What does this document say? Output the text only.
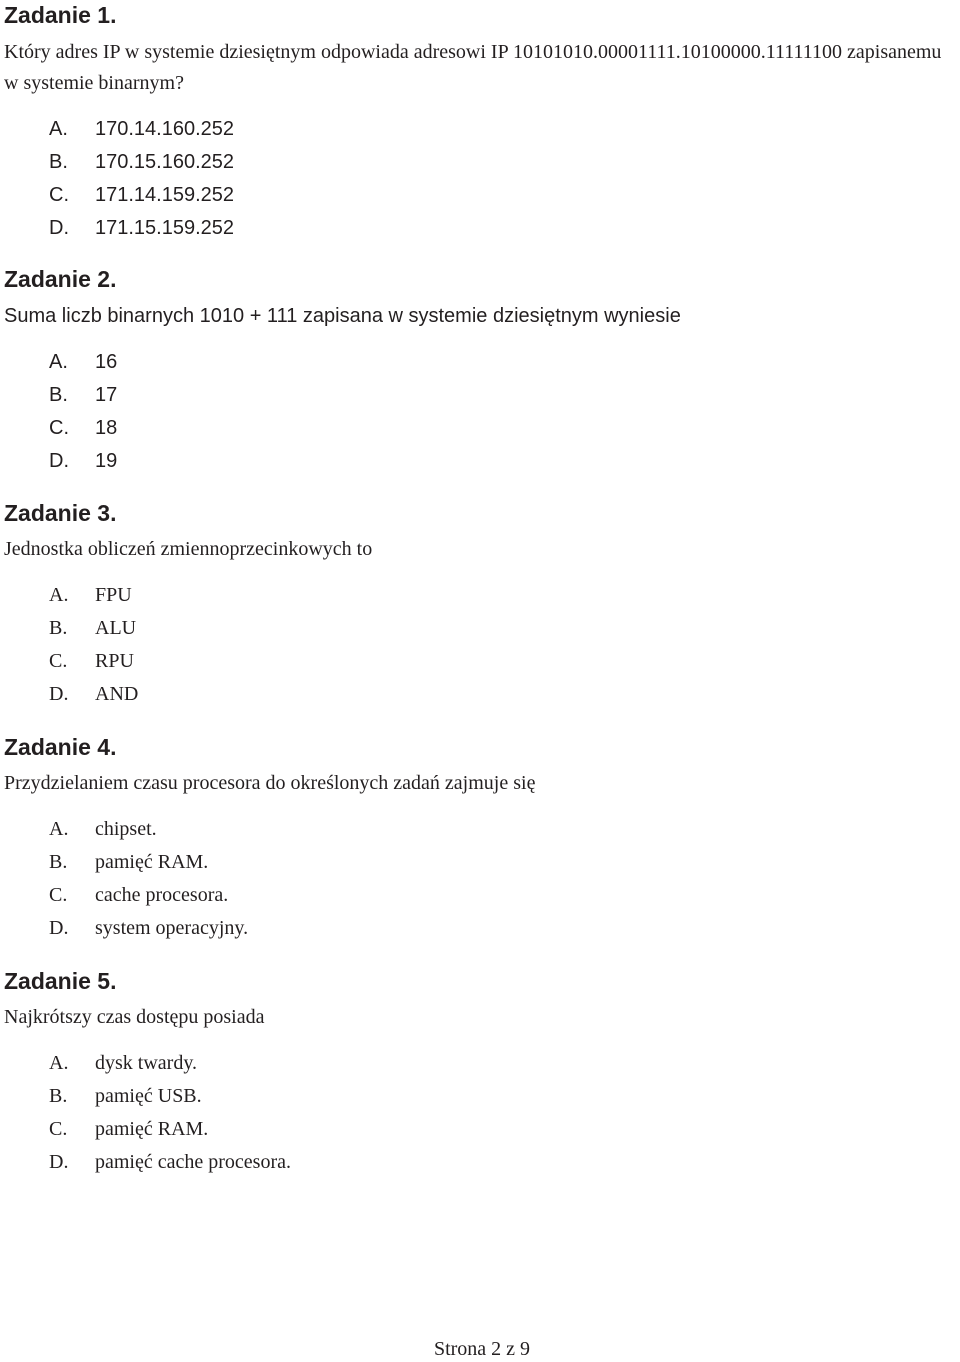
Zadanie 1.

Który adres IP w systemie dziesiętnym odpowiada adresowi IP 10101010.00001111.10100000.11111100 zapisanemu w systemie binarnym?

A. 170.14.160.252
B. 170.15.160.252
C. 171.14.159.252
D. 171.15.159.252
Zadanie 2.

Suma liczb binarnych 1010 + 111 zapisana w systemie dziesiętnym wyniesie

A. 16
B. 17
C. 18
D. 19
Zadanie 3.

Jednostka obliczeń zmiennoprzecinkowych to

A. FPU
B. ALU
C. RPU
D. AND
Zadanie 4.

Przydzielaniem czasu procesora do określonych zadań zajmuje się

A. chipset.
B. pamięć RAM.
C. cache procesora.
D. system operacyjny.
Zadanie 5.

Najkrótszy czas dostępu posiada

A. dysk twardy.
B. pamięć USB.
C. pamięć RAM.
D. pamięć cache procesora.
Strona 2 z 9
